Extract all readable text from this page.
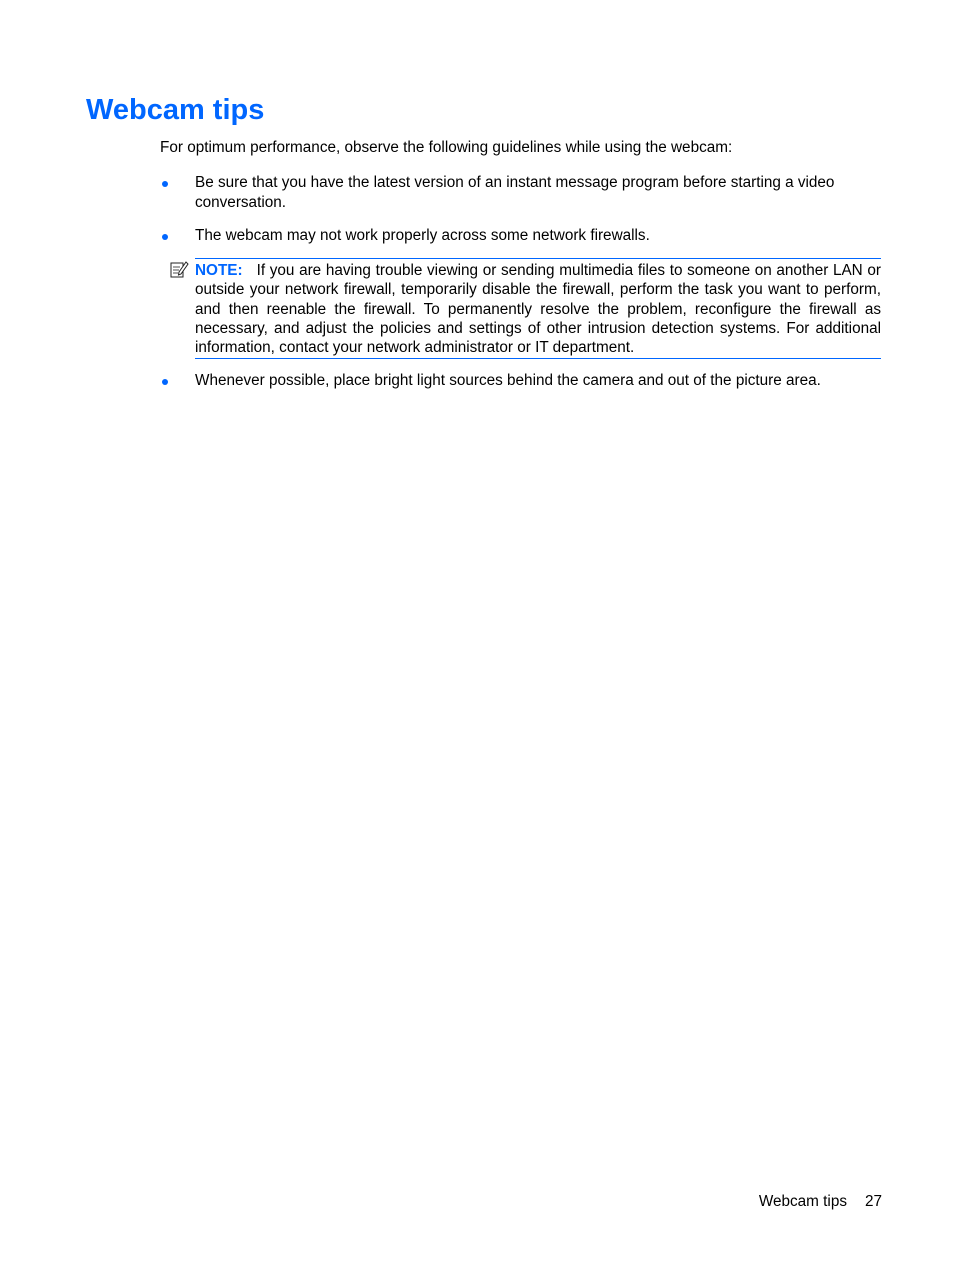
Webcam tips

For optimum performance, observe the following guidelines while using the webcam:

Be sure that you have the latest version of an instant message program before starting a video conversation.

The webcam may not work properly across some network firewalls.

NOTE: If you are having trouble viewing or sending multimedia files to someone on another LAN or outside your network firewall, temporarily disable the firewall, perform the task you want to perform, and then reenable the firewall. To permanently resolve the problem, reconfigure the firewall as necessary, and adjust the policies and settings of other intrusion detection systems. For additional information, contact your network administrator or IT department.

Whenever possible, place bright light sources behind the camera and out of the picture area.

Webcam tips 27
